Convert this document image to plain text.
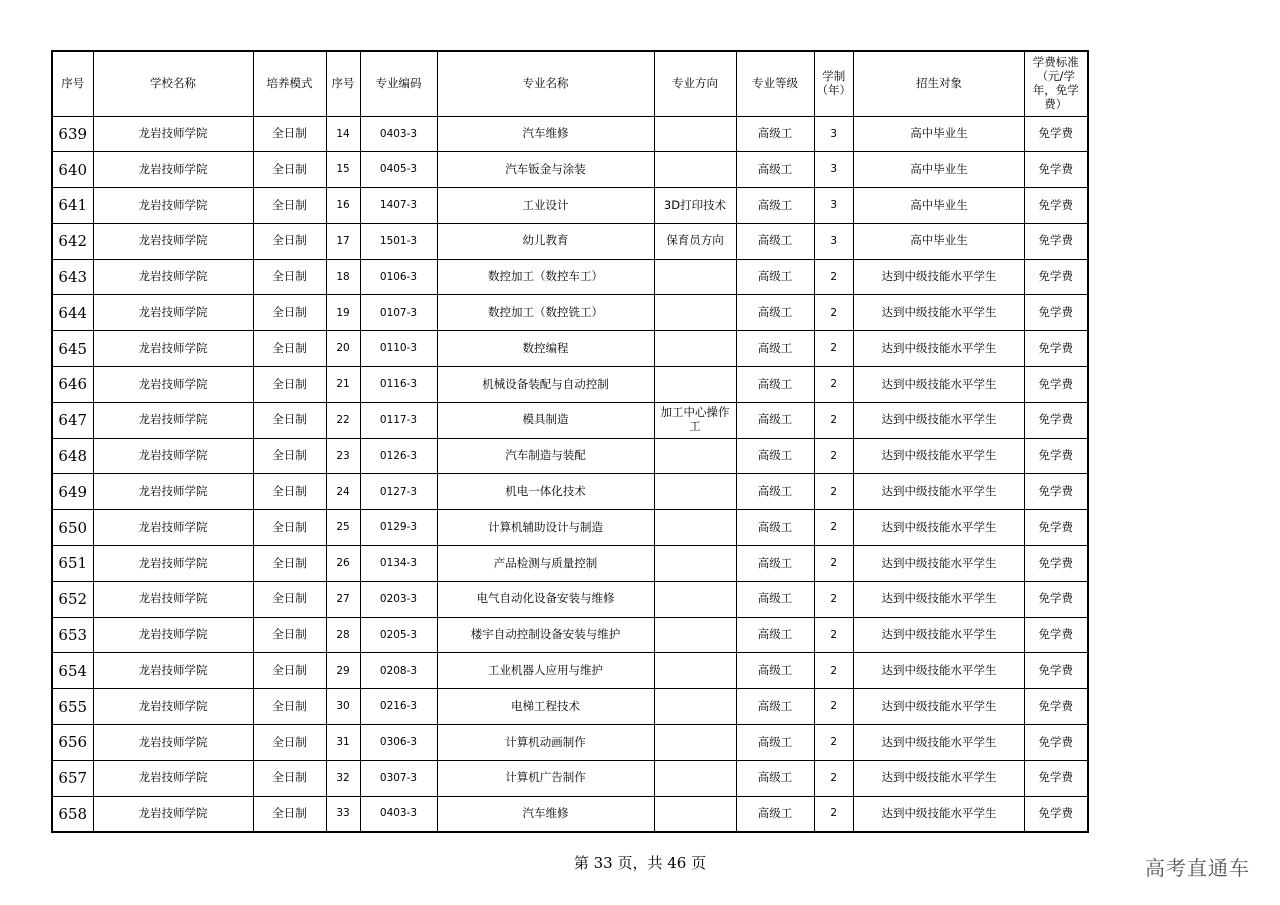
序号	学校名称	培养模式	序号	专业编码	专业名称	专业方向	专业等级	学制（年）	招生对象	学费标准（元/学年，免学费）
639	龙岩技师学院	全日制	14	0403-3	汽车维修		高级工	3	高中毕业生	免学费
640	龙岩技师学院	全日制	15	0405-3	汽车钣金与涂装		高级工	3	高中毕业生	免学费
641	龙岩技师学院	全日制	16	1407-3	工业设计	3D打印技术	高级工	3	高中毕业生	免学费
642	龙岩技师学院	全日制	17	1501-3	幼儿教育	保育员方向	高级工	3	高中毕业生	免学费
643	龙岩技师学院	全日制	18	0106-3	数控加工（数控车工）		高级工	2	达到中级技能水平学生	免学费
644	龙岩技师学院	全日制	19	0107-3	数控加工（数控铣工）		高级工	2	达到中级技能水平学生	免学费
645	龙岩技师学院	全日制	20	0110-3	数控编程		高级工	2	达到中级技能水平学生	免学费
646	龙岩技师学院	全日制	21	0116-3	机械设备装配与自动控制		高级工	2	达到中级技能水平学生	免学费
647	龙岩技师学院	全日制	22	0117-3	模具制造	加工中心操作工	高级工	2	达到中级技能水平学生	免学费
648	龙岩技师学院	全日制	23	0126-3	汽车制造与装配		高级工	2	达到中级技能水平学生	免学费
649	龙岩技师学院	全日制	24	0127-3	机电一体化技术		高级工	2	达到中级技能水平学生	免学费
650	龙岩技师学院	全日制	25	0129-3	计算机辅助设计与制造		高级工	2	达到中级技能水平学生	免学费
651	龙岩技师学院	全日制	26	0134-3	产品检测与质量控制		高级工	2	达到中级技能水平学生	免学费
652	龙岩技师学院	全日制	27	0203-3	电气自动化设备安装与维修		高级工	2	达到中级技能水平学生	免学费
653	龙岩技师学院	全日制	28	0205-3	楼宇自动控制设备安装与维护		高级工	2	达到中级技能水平学生	免学费
654	龙岩技师学院	全日制	29	0208-3	工业机器人应用与维护		高级工	2	达到中级技能水平学生	免学费
655	龙岩技师学院	全日制	30	0216-3	电梯工程技术		高级工	2	达到中级技能水平学生	免学费
656	龙岩技师学院	全日制	31	0306-3	计算机动画制作		高级工	2	达到中级技能水平学生	免学费
657	龙岩技师学院	全日制	32	0307-3	计算机广告制作		高级工	2	达到中级技能水平学生	免学费
658	龙岩技师学院	全日制	33	0403-3	汽车维修		高级工	2	达到中级技能水平学生	免学费
第 33 页，共 46 页	高考直通车
